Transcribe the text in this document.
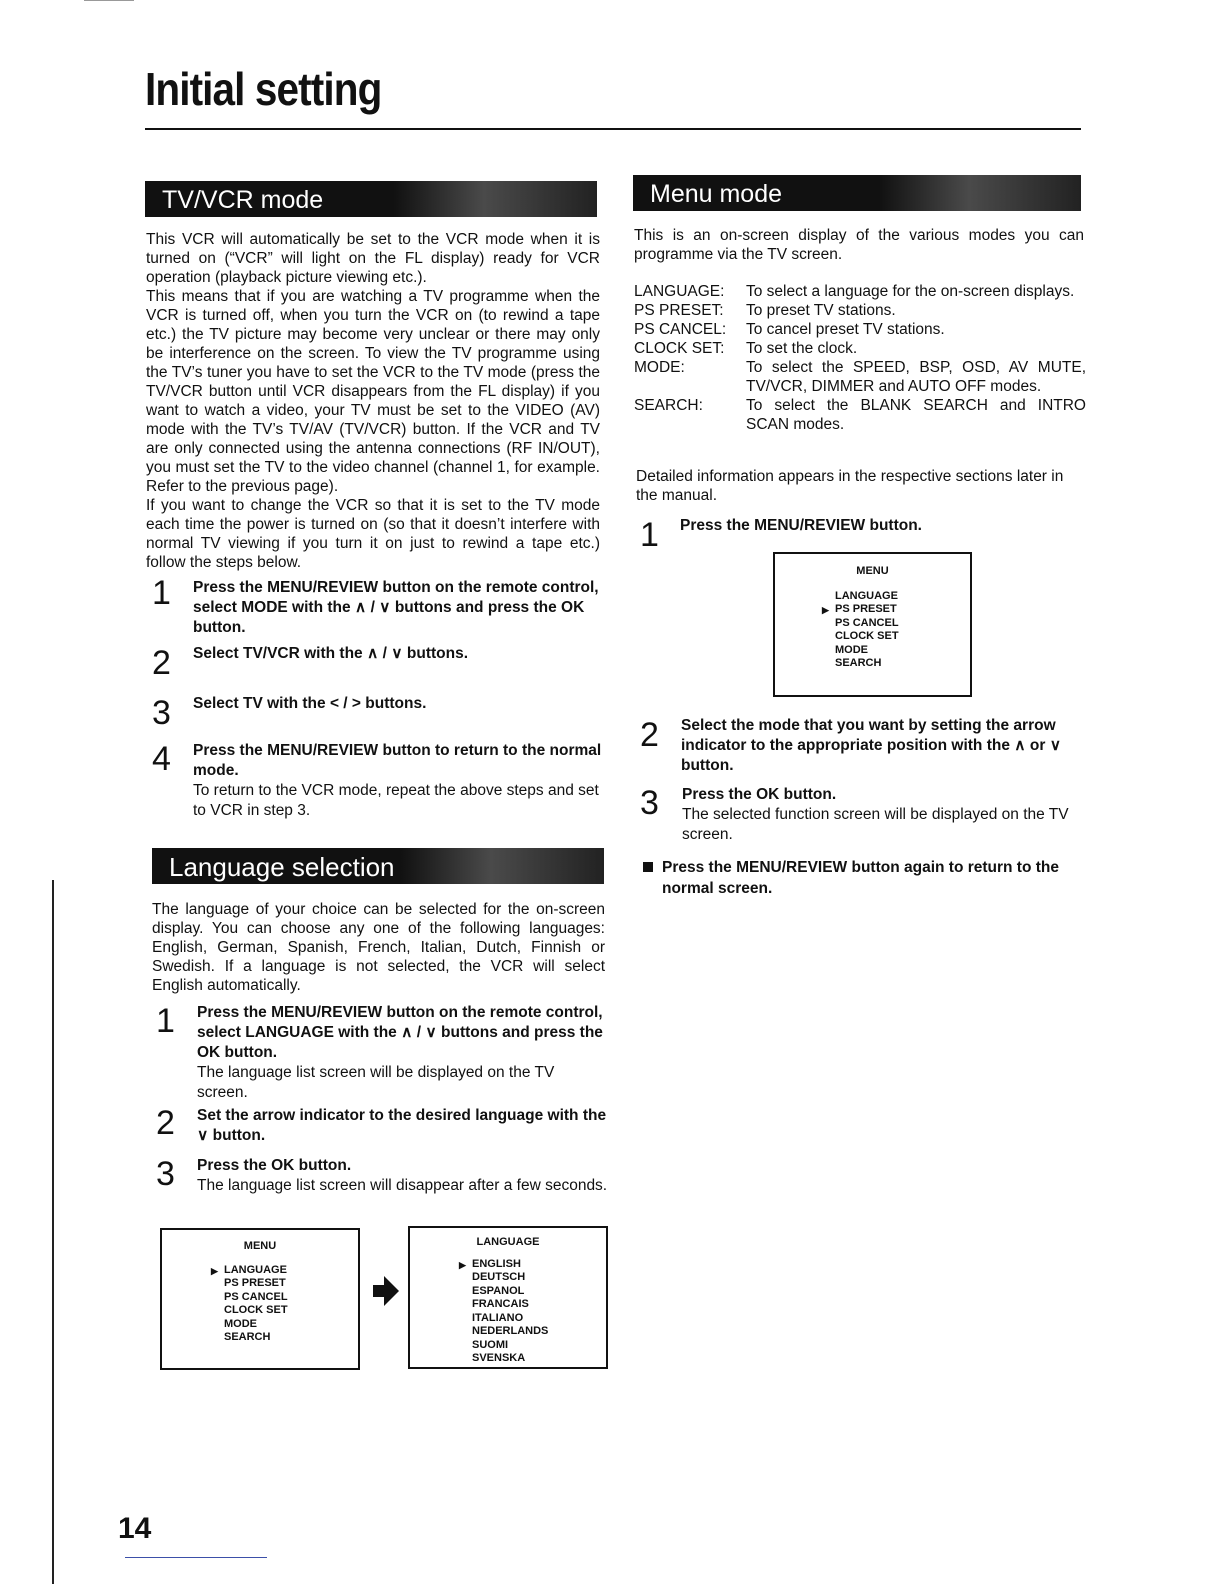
Initial setting
TV/VCR mode

This VCR will automatically be set to the VCR mode when it is turned on (“VCR” will light on the FL display) ready for VCR operation (playback picture viewing etc.).

This means that if you are watching a TV programme when the VCR is turned off, when you turn the VCR on (to rewind a tape etc.) the TV picture may become very unclear or there may only be interference on the screen. To view the TV programme using the TV’s tuner you have to set the VCR to the TV mode (press the TV/VCR button until VCR disappears from the FL display) if you want to watch a video, your TV must be set to the VIDEO (AV) mode with the TV’s TV/AV (TV/VCR) button. If the VCR and TV are only connected using the antenna connections (RF IN/OUT), you must set the TV to the video channel (channel 1, for example. Refer to the previous page).

If you want to change the VCR so that it is set to the TV mode each time the power is turned on (so that it doesn’t interfere with normal TV viewing if you turn it on just to rewind a tape etc.) follow the steps below.

1 Press the MENU/REVIEW button on the remote control, select MODE with the ∧ / ∨ buttons and press the OK button.
2 Select TV/VCR with the ∧ / ∨ buttons.
3 Select TV with the < / > buttons.
4 Press the MENU/REVIEW button to return to the normal mode.
To return to the VCR mode, repeat the above steps and set to VCR in step 3.
Language selection

The language of your choice can be selected for the on-screen display. You can choose any one of the following languages: English, German, Spanish, French, Italian, Dutch, Finnish or Swedish. If a language is not selected, the VCR will select English automatically.

1 Press the MENU/REVIEW button on the remote control, select LANGUAGE with the ∧ / ∨ buttons and press the OK button.
The language list screen will be displayed on the TV screen.
2 Set the arrow indicator to the desired language with the ∨ button.
3 Press the OK button.
The language list screen will disappear after a few seconds.
MENU
▶ LANGUAGE
PS PRESET
PS CANCEL
CLOCK SET
MODE
SEARCH
LANGUAGE
▶ ENGLISH
DEUTSCH
ESPANOL
FRANCAIS
ITALIANO
NEDERLANDS
SUOMI
SVENSKA
Menu mode

This is an on-screen display of the various modes you can programme via the TV screen.

LANGUAGE:	To select a language for the on-screen displays.
PS PRESET:	To preset TV stations.
PS CANCEL:	To cancel preset TV stations.
CLOCK SET:	To set the clock.
MODE:	To select the SPEED, BSP, OSD, AV MUTE, TV/VCR, DIMMER and AUTO OFF modes.
SEARCH:	To select the BLANK SEARCH and INTRO SCAN modes.

Detailed information appears in the respective sections later in the manual.

1 Press the MENU/REVIEW button.
MENU
LANGUAGE
▶ PS PRESET
PS CANCEL
CLOCK SET
MODE
SEARCH
2 Select the mode that you want by setting the arrow indicator to the appropriate position with the ∧ or ∨ button.
3 Press the OK button.
The selected function screen will be displayed on the TV screen.
Press the MENU/REVIEW button again to return to the normal screen.
14
